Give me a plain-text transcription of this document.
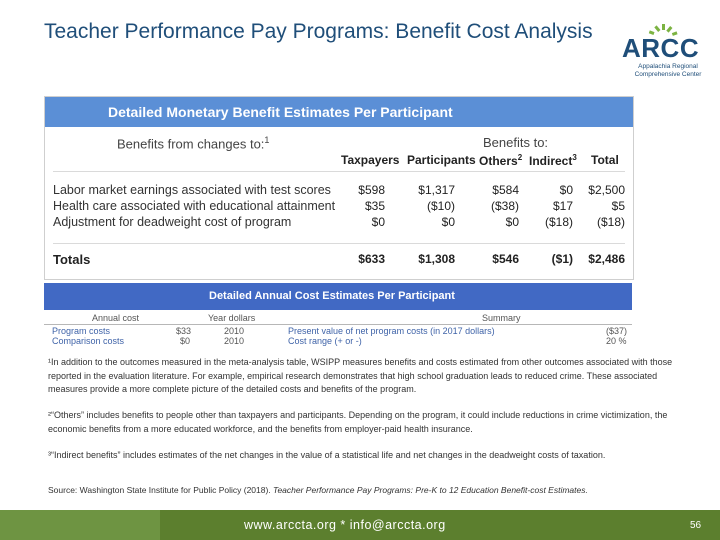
Teacher Performance Pay Programs: Benefit Cost Analysis
ARCC
Appalachia Regional Comprehensive Center
Detailed Monetary Benefit Estimates Per Participant
Benefits from changes to:$^1$	Benefits to:
Taxpayers Participants Others$^2$ Indirect$^3$ Total
Labor market earnings associated with test scores $598	$1,317	$584	$0 $2,500
Health care associated with educational attainment $35	($10)	($38)	$17	$5
Adjustment for deadweight cost of program	$0	$0	$0 ($18) ($18)
Totals	$633	$1,308	$546	($1) $2,486
Detailed Annual Cost Estimates Per Participant
Annual cost	Year dollars	Summary
Program costs	$33	2010	Present value of net program costs (in 2017 dollars)	($37)
Comparison costs	$0	2010	Cost range (+ or -)	20 %
¹In addition to the outcomes measured in the meta-analysis table, WSIPP measures benefits and costs estimated from other outcomes associated with those reported in the evaluation literature. For example, empirical research demonstrates that high school graduation leads to reduced crime. These associated measures provide a more complete picture of the detailed costs and benefits of the program.
²“Others” includes benefits to people other than taxpayers and participants. Depending on the program, it could include reductions in crime victimization, the economic benefits from a more educated workforce, and the benefits from employer-paid health insurance.
³“Indirect benefits” includes estimates of the net changes in the value of a statistical life and net changes in the deadweight costs of taxation.
Source: Washington State Institute for Public Policy (2018). Teacher Performance Pay Programs: Pre-K to 12 Education Benefit-cost Estimates.
www.arccta.org * info@arccta.org	56
